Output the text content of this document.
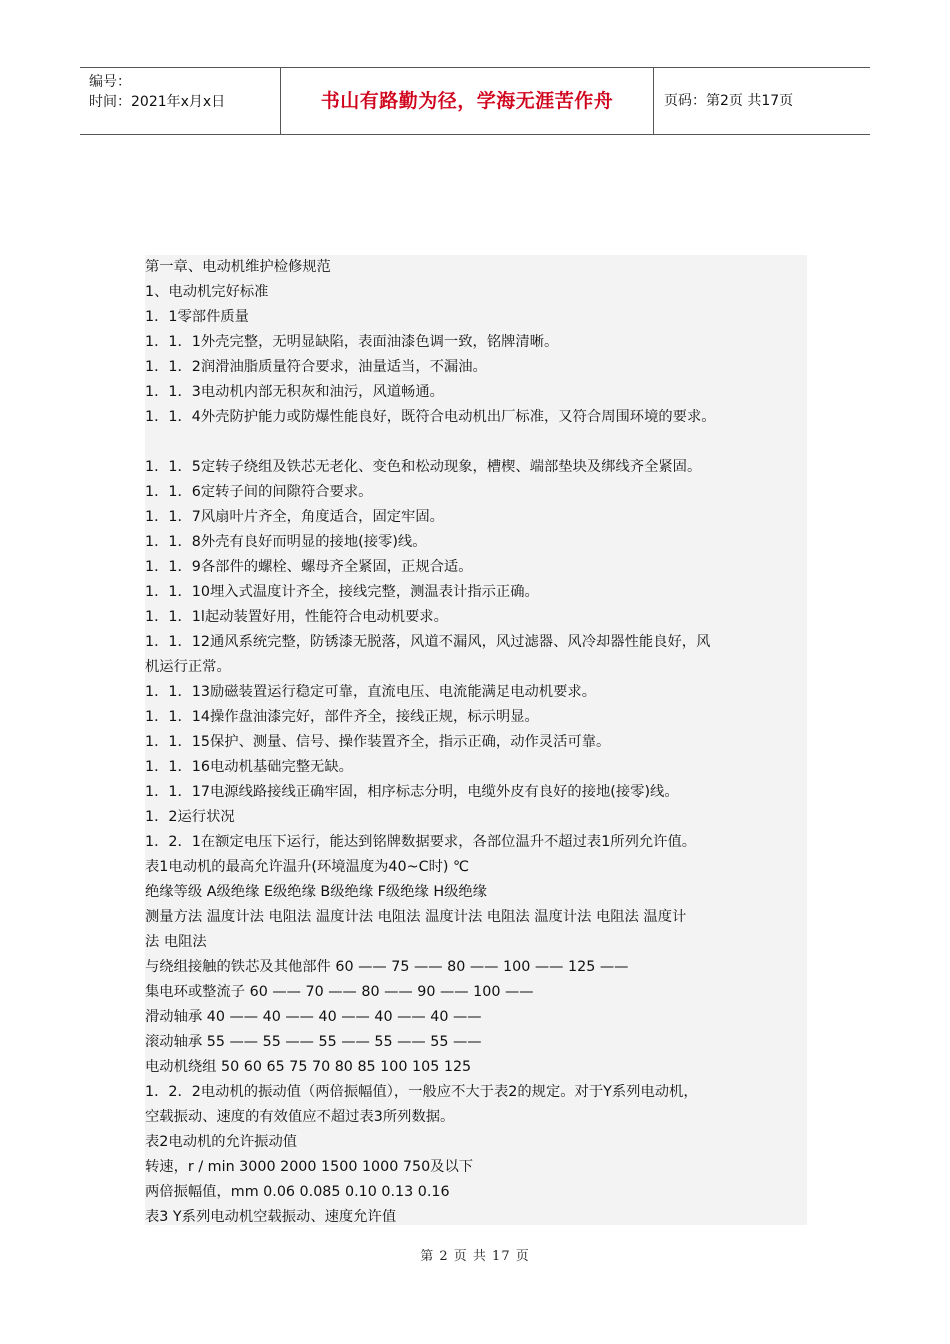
编号：
时间：2021年x月x日	书山有路勤为径，学海无涯苦作舟	页码：第2页 共17页
第一章、电动机维护检修规范
1、电动机完好标准
1．1零部件质量
1．1．1外壳完整，无明显缺陷，表面油漆色调一致，铭牌清晰。
1．1．2润滑油脂质量符合要求，油量适当，不漏油。
1．1．3电动机内部无积灰和油污，风道畅通。
1．1．4外壳防护能力或防爆性能良好，既符合电动机出厂标准，又符合周围环境的要求。
1．1．5定转子绕组及铁芯无老化、变色和松动现象，槽楔、端部垫块及绑线齐全紧固。
1．1．6定转子间的间隙符合要求。
1．1．7风扇叶片齐全，角度适合，固定牢固。
1．1．8外壳有良好而明显的接地(接零)线。
1．1．9各部件的螺栓、螺母齐全紧固，正规合适。
1．1．10埋入式温度计齐全，接线完整，测温表计指示正确。
1．1．1l起动装置好用，性能符合电动机要求。
1．1．12通风系统完整，防锈漆无脱落，风道不漏风，风过滤器、风冷却器性能良好，风
机运行正常。
1．1．13励磁装置运行稳定可靠，直流电压、电流能满足电动机要求。
1．1．14操作盘油漆完好，部件齐全，接线正规，标示明显。
1．1．15保护、测量、信号、操作装置齐全，指示正确，动作灵活可靠。
1．1．16电动机基础完整无缺。
1．1．17电源线路接线正确牢固，相序标志分明，电缆外皮有良好的接地(接零)线。
1．2运行状况
1．2．1在额定电压下运行，能达到铭牌数据要求，各部位温升不超过表1所列允许值。
表1电动机的最高允许温升(环境温度为40~C时) ℃
绝缘等级 A级绝缘 E级绝缘 B级绝缘 F级绝缘 H级绝缘
测量方法 温度计法 电阻法 温度计法 电阻法 温度计法 电阻法 温度计法 电阻法 温度计
法 电阻法
与绕组接触的铁芯及其他部件 60 —— 75 —— 80 —— 100 —— 125 ——
集电环或整流子 60 —— 70 —— 80 —— 90 —— 100 ——
滑动轴承 40 —— 40 —— 40 —— 40 —— 40 ——
滚动轴承 55 —— 55 —— 55 —— 55 —— 55 ——
电动机绕组 50 60 65 75 70 80 85 100 105 125
1．2．2电动机的振动值（两倍振幅值），一般应不大于表2的规定。对于Y系列电动机，
空载振动、速度的有效值应不超过表3所列数据。
表2电动机的允许振动值
转速，r / min 3000 2000 1500 1000 750及以下
两倍振幅值，mm 0.06 0.085 0.10 0.13 0.16
表3 Y系列电动机空载振动、速度允许值
第 2 页 共 17 页
